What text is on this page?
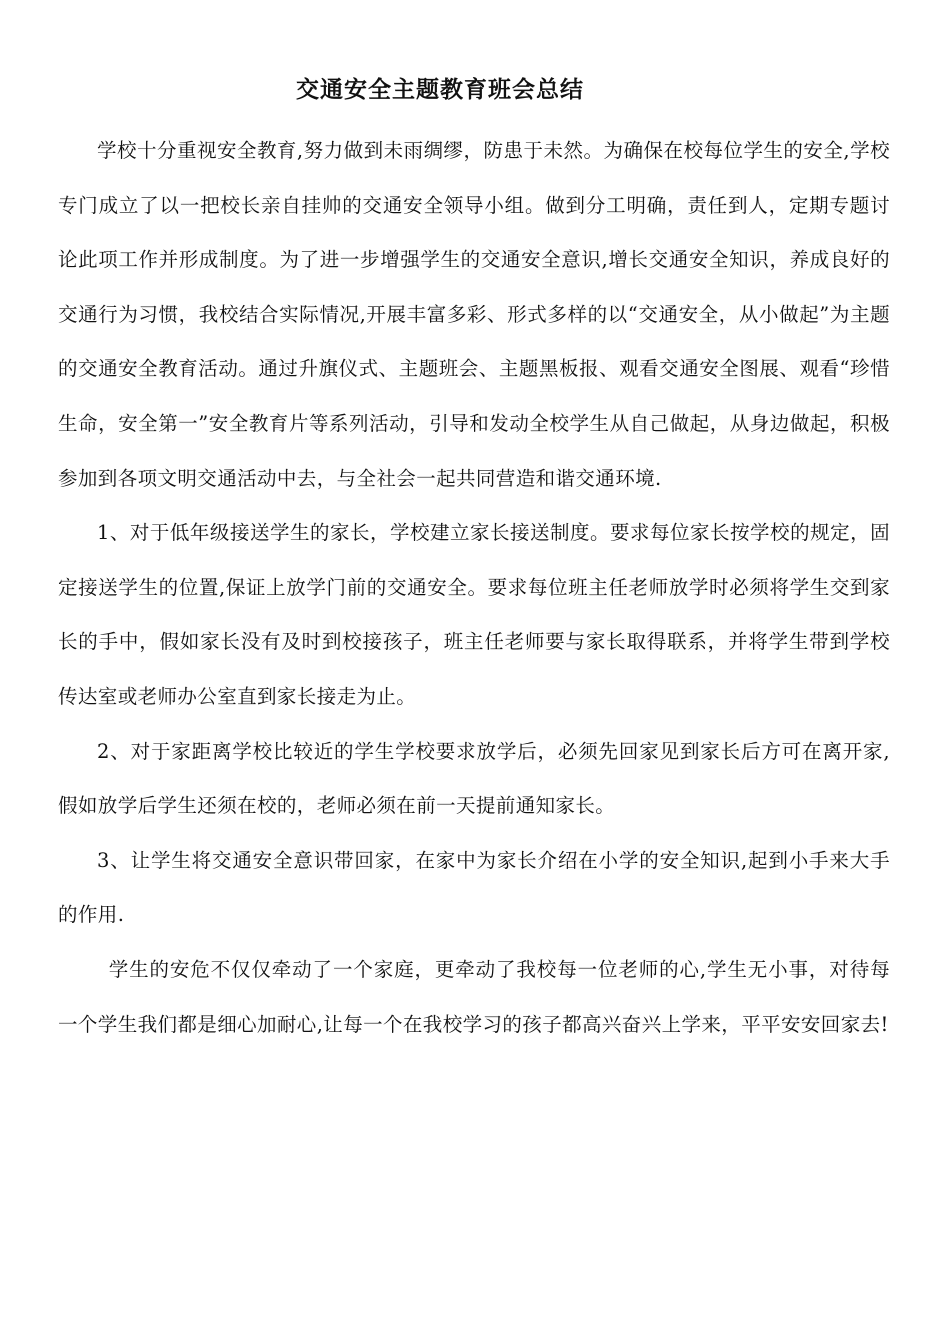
交通安全主题教育班会总结

学校十分重视安全教育,努力做到未雨绸缪，防患于未然。为确保在校每位学生的安全,学校专门成立了以一把校长亲自挂帅的交通安全领导小组。做到分工明确，责任到人，定期专题讨论此项工作并形成制度。为了进一步增强学生的交通安全意识,增长交通安全知识，养成良好的交通行为习惯，我校结合实际情况,开展丰富多彩、形式多样的以“交通安全，从小做起”为主题的交通安全教育活动。通过升旗仪式、主题班会、主题黑板报、观看交通安全图展、观看“珍惜生命，安全第一”安全教育片等系列活动，引导和发动全校学生从自己做起，从身边做起，积极参加到各项文明交通活动中去，与全社会一起共同营造和谐交通环境.

1、对于低年级接送学生的家长，学校建立家长接送制度。要求每位家长按学校的规定，固定接送学生的位置,保证上放学门前的交通安全。要求每位班主任老师放学时必须将学生交到家长的手中，假如家长没有及时到校接孩子，班主任老师要与家长取得联系，并将学生带到学校传达室或老师办公室直到家长接走为止。

2、对于家距离学校比较近的学生学校要求放学后，必须先回家见到家长后方可在离开家,假如放学后学生还须在校的，老师必须在前一天提前通知家长。

3、让学生将交通安全意识带回家，在家中为家长介绍在小学的安全知识,起到小手来大手的作用.

学生的安危不仅仅牵动了一个家庭，更牵动了我校每一位老师的心,学生无小事，对待每一个学生我们都是细心加耐心,让每一个在我校学习的孩子都高兴奋兴上学来，平平安安回家去!
